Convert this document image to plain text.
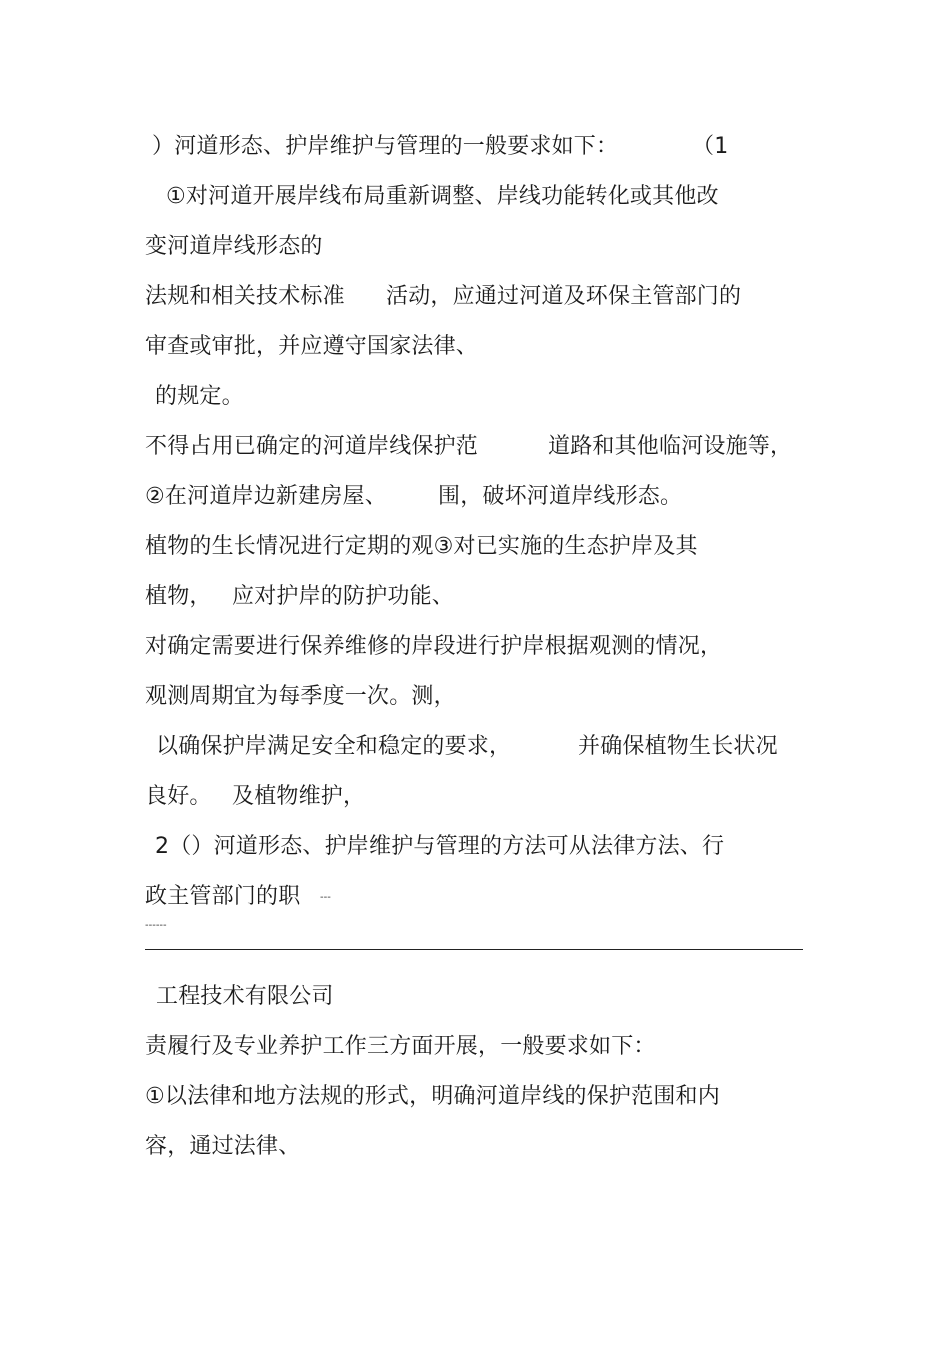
）河道形态、护岸维护与管理的一般要求如下：	（1
①对河道开展岸线布局重新调整、岸线功能转化或其他改
变河道岸线形态的
法规和相关技术标准 活动，应通过河道及环保主管部门的
审查或审批，并应遵守国家法律、
的规定。
不得占用已确定的河道岸线保护范	道路和其他临河设施等，
②在河道岸边新建房屋、 围，破坏河道岸线形态。
植物的生长情况进行定期的观③对已实施的生态护岸及其
植物， 应对护岸的防护功能、
对确定需要进行保养维修的岸段进行护岸根据观测的情况，
观测周期宜为每季度一次。测，
以确保护岸满足安全和稳定的要求，	并确保植物生长状况
良好。 及植物维护，
2（）河道形态、护岸维护与管理的方法可从法律方法、行
政主管部门的职 ---
------
工程技术有限公司
责履行及专业养护工作三方面开展，一般要求如下：
①以法律和地方法规的形式，明确河道岸线的保护范围和内
容，通过法律、
